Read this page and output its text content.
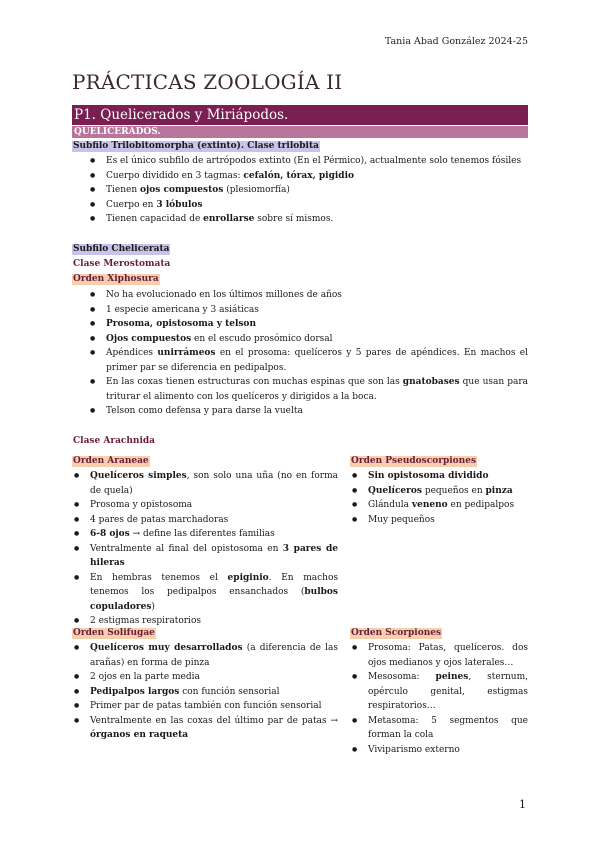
Tania Abad González 2024-25
PRÁCTICAS ZOOLOGÍA II
P1. Quelicerados y Miriápodos.
QUELICERADOS.
Subfilo Trilobitomorpha (extinto). Clase trilobita
● Es el único subfilo de artrópodos extinto (En el Pérmico), actualmente solo tenemos fósiles
● Cuerpo dividido en 3 tagmas: cefalón, tórax, pigidio
● Tienen ojos compuestos (plesiomorfía)
● Cuerpo en 3 lóbulos
● Tienen capacidad de enrollarse sobre sí mismos.
Subfilo Chelicerata
Clase Merostomata
Orden Xiphosura
● No ha evolucionado en los últimos millones de años
● 1 especie americana y 3 asiáticas
● Prosoma, opistosoma y telson
● Ojos compuestos en el escudo prosómico dorsal
● Apéndices unirrámeos en el prosoma: quelíceros y 5 pares de apéndices. En machos el primer par se diferencia en pedipalpos.
● En las coxas tienen estructuras con muchas espinas que son las gnatobases que usan para triturar el alimento con los quelíceros y dirigidos a la boca.
● Telson como defensa y para darse la vuelta
Clase Arachnida
Orden Araneae
● Quelíceros simples, son solo una uña (no en forma de quela)
● Prosoma y opistosoma
● 4 pares de patas marchadoras
● 6-8 ojos → define las diferentes familias
● Ventralmente al final del opistosoma en 3 pares de hileras
● En hembras tenemos el epiginio. En machos tenemos los pedipalpos ensanchados (bulbos copuladores)
● 2 estigmas respiratorios
Orden Pseudoscorpiones
● Sin opistosoma dividido
● Quelíceros pequeños en pinza
● Glándula veneno en pedipalpos
● Muy pequeños
Orden Solifugae
● Quelíceros muy desarrollados (a diferencia de las arañas) en forma de pinza
● 2 ojos en la parte media
● Pedipalpos largos con función sensorial
● Primer par de patas también con función sensorial
● Ventralmente en las coxas del último par de patas → órganos en raqueta
Orden Scorpiones
● Prosoma: Patas, quelíceros. dos ojos medianos y ojos laterales…
● Mesosoma: peines, sternum, opérculo genital, estigmas respiratorios…
● Metasoma: 5 segmentos que forman la cola
● Viviparismo externo
1
